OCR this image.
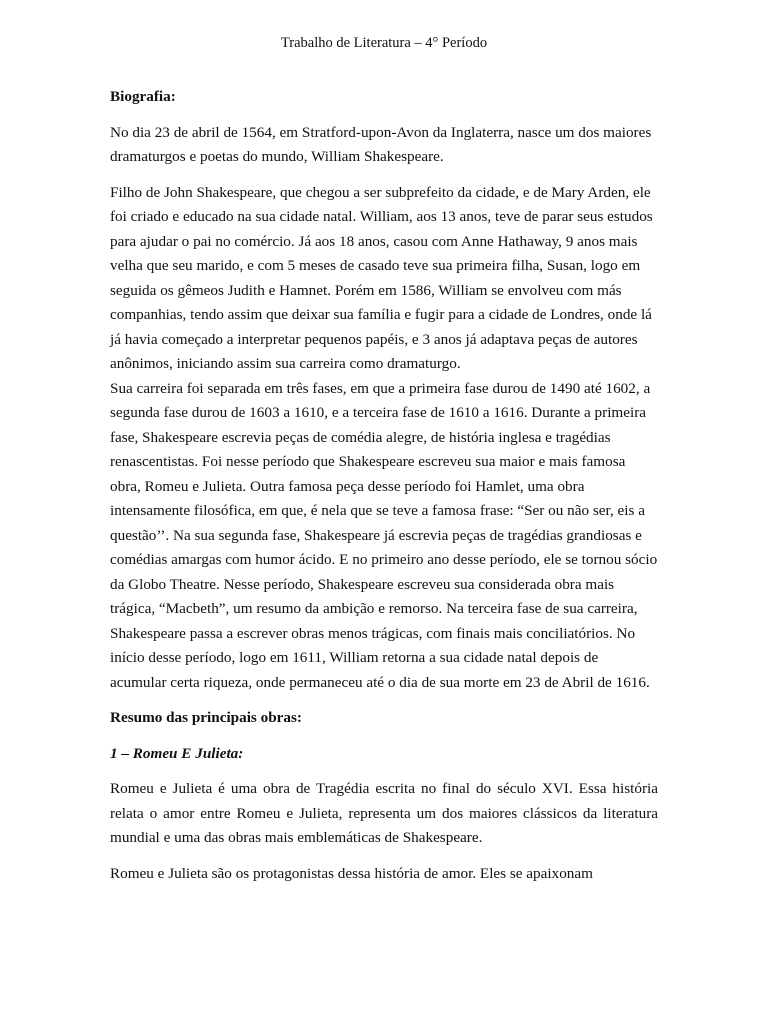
Trabalho de Literatura – 4° Período
Biografia:

No dia 23 de abril de 1564, em Stratford-upon-Avon da Inglaterra, nasce um dos maiores dramaturgos e poetas do mundo, William Shakespeare.

Filho de John Shakespeare, que chegou a ser subprefeito da cidade, e de Mary Arden, ele foi criado e educado na sua cidade natal. William, aos 13 anos, teve de parar seus estudos para ajudar o pai no comércio. Já aos 18 anos, casou com Anne Hathaway, 9 anos mais velha que seu marido, e com 5 meses de casado teve sua primeira filha, Susan, logo em seguida os gêmeos Judith e Hamnet. Porém em 1586, William se envolveu com más companhias, tendo assim que deixar sua família e fugir para a cidade de Londres, onde lá já havia começado a interpretar pequenos papéis, e 3 anos já adaptava peças de autores anônimos, iniciando assim sua carreira como dramaturgo.

Sua carreira foi separada em três fases, em que a primeira fase durou de 1490 até 1602, a segunda fase durou de 1603 a 1610, e a terceira fase de 1610 a 1616. Durante a primeira fase, Shakespeare escrevia peças de comédia alegre, de história inglesa e tragédias renascentistas. Foi nesse período que Shakespeare escreveu sua maior e mais famosa obra, Romeu e Julieta. Outra famosa peça desse período foi Hamlet, uma obra intensamente filosófica, em que, é nela que se teve a famosa frase: “Ser ou não ser, eis a questão’’. Na sua segunda fase, Shakespeare já escrevia peças de tragédias grandiosas e comédias amargas com humor ácido. E no primeiro ano desse período, ele se tornou sócio da Globo Theatre. Nesse período, Shakespeare escreveu sua considerada obra mais trágica, “Macbeth”, um resumo da ambição e remorso. Na terceira fase de sua carreira, Shakespeare passa a escrever obras menos trágicas, com finais mais conciliatórios. No início desse período, logo em 1611, William retorna a sua cidade natal depois de acumular certa riqueza, onde permaneceu até o dia de sua morte em 23 de Abril de 1616.

Resumo das principais obras:
1 – Romeu E Julieta:

Romeu e Julieta é uma obra de Tragédia escrita no final do século XVI. Essa história relata o amor entre Romeu e Julieta, representa um dos maiores clássicos da literatura mundial e uma das obras mais emblemáticas de Shakespeare.

Romeu e Julieta são os protagonistas dessa história de amor. Eles se apaixonam
